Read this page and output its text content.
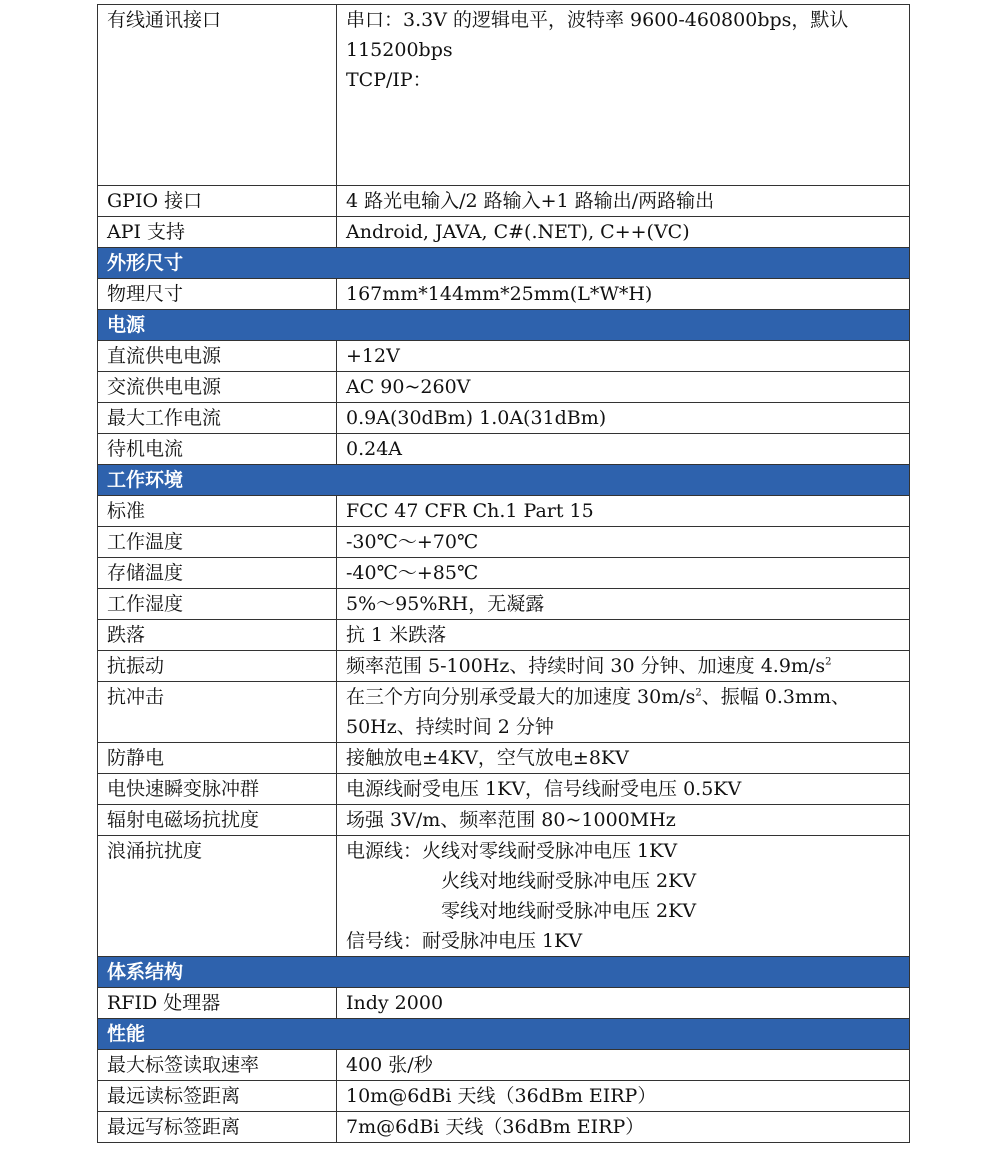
有线通讯接口	串口：3.3V 的逻辑电平，波特率 9600-460800bps，默认
115200bps
TCP/IP：

GPIO 接口	4 路光电输入/2 路输入+1 路输出/两路输出
API 支持	Android, JAVA, C#(.NET), C++(VC)
外形尺寸	
物理尺寸	167mm*144mm*25mm(L*W*H)
电源	
直流供电电源	+12V
交流供电电源	AC 90~260V
最大工作电流	0.9A(30dBm) 1.0A(31dBm)
待机电流	0.24A
工作环境	
标准	FCC 47 CFR Ch.1 Part 15
工作温度	-30℃～+70℃
存储温度	-40℃～+85℃
工作湿度	5%～95%RH，无凝露
跌落	抗 1 米跌落
抗振动	频率范围 5-100Hz、持续时间 30 分钟、加速度 $4.9m/s^2$
抗冲击	在三个方向分别承受最大的加速度 $30m/s^2$、振幅 0.3mm、
50Hz、持续时间 2 分钟

防静电	接触放电±4KV，空气放电±8KV
电快速瞬变脉冲群	电源线耐受电压 1KV，信号线耐受电压 0.5KV
辐射电磁场抗扰度	场强 3V/m、频率范围 80~1000MHz
浪涌抗扰度	电源线：火线对零线耐受脉冲电压 1KV
火线对地线耐受脉冲电压 2KV
零线对地线耐受脉冲电压 2KV
信号线：耐受脉冲电压 1KV

体系结构	
RFID 处理器	Indy 2000
性能	
最大标签读取速率	400 张/秒
最远读标签距离	10m@6dBi 天线（36dBm EIRP）
最远写标签距离	7m@6dBi 天线（36dBm EIRP）
